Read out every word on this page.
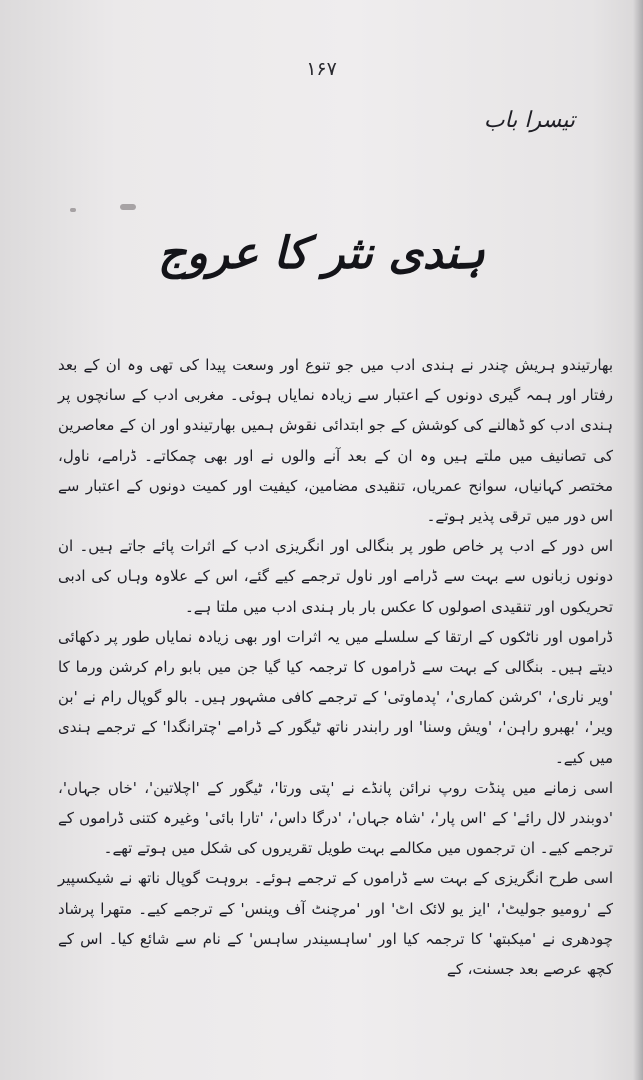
۱۶۷
تیسرا باب
ہندی نثر کا عروج

بھارتیندو ہریش چندر نے ہندی ادب میں جو تنوع اور وسعت پیدا کی تھی وہ ان کے بعد رفتار اور ہمہ گیری دونوں کے اعتبار سے زیادہ نمایاں ہوئی۔ مغربی ادب کے سانچوں پر ہندی ادب کو ڈھالنے کی کوشش کے جو ابتدائی نقوش ہمیں بھارتیندو اور ان کے معاصرین کی تصانیف میں ملتے ہیں وہ ان کے بعد آنے والوں نے اور بھی چمکاتے۔ ڈرامے، ناول، مختصر کہانیاں، سوانح عمریاں، تنقیدی مضامین، کیفیت اور کمیت دونوں کے اعتبار سے اس دور میں ترقی پذیر ہوتے۔

اس دور کے ادب پر خاص طور پر بنگالی اور انگریزی ادب کے اثرات پائے جاتے ہیں۔ ان دونوں زبانوں سے بہت سے ڈرامے اور ناول ترجمے کیے گئے، اس کے علاوہ وہاں کی ادبی تحریکوں اور تنقیدی اصولوں کا عکس بار بار ہندی ادب میں ملتا ہے۔

ڈراموں اور ناٹکوں کے ارتقا کے سلسلے میں یہ اثرات اور بھی زیادہ نمایاں طور پر دکھائی دیتے ہیں۔ بنگالی کے بہت سے ڈراموں کا ترجمہ کیا گیا جن میں بابو رام کرشن ورما کا 'ویر ناری'، 'کرشن کماری'، 'پدماوتی' کے ترجمے کافی مشہور ہیں۔ بالو گوپال رام نے 'بن ویر'، 'بھبرو راہن'، 'ویش وسنا' اور رابندر ناتھ ٹیگور کے ڈرامے 'چترانگدا' کے ترجمے ہندی میں کیے۔

اسی زمانے میں پنڈت روپ نرائن پانڈے نے 'پتی ورتا'، ٹیگور کے 'اچلاتین'، 'خاں جہاں'، 'دوبندر لال رائے' کے 'اس پار'، 'شاہ جہاں'، 'درگا داس'، 'تارا بائی' وغیرہ کتنی ڈراموں کے ترجمے کیے۔ ان ترجموں میں مکالمے بہت طویل تقریروں کی شکل میں ہوتے تھے۔

اسی طرح انگریزی کے بہت سے ڈراموں کے ترجمے ہوئے۔ بروہت گوپال ناتھ نے شیکسپیر کے 'رومیو جولیٹ'، 'ایز یو لائک اٹ' اور 'مرچنٹ آف وینس' کے ترجمے کیے۔ متھرا پرشاد چودھری نے 'میکبتھ' کا ترجمہ کیا اور 'ساہسیندر ساہس' کے نام سے شائع کیا۔ اس کے کچھ عرصے بعد جسنت، کے
